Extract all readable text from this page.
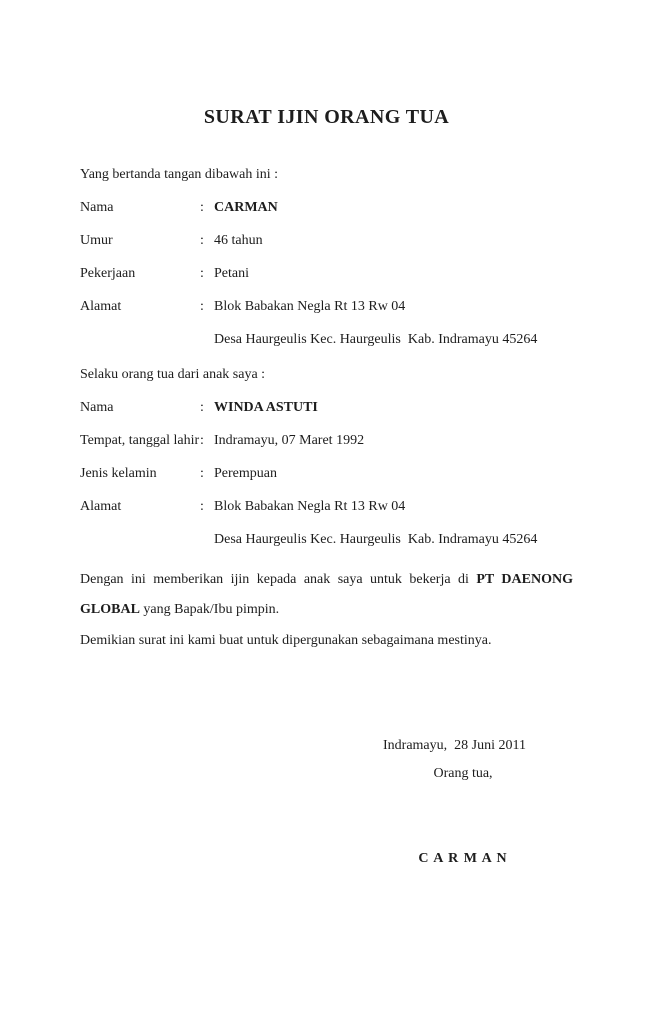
SURAT IJIN ORANG TUA
Yang bertanda tangan dibawah ini :
Nama	: CARMAN
Umur	: 46 tahun
Pekerjaan	: Petani
Alamat	: Blok Babakan Negla Rt 13 Rw 04
Desa Haurgeulis Kec. Haurgeulis  Kab. Indramayu 45264
Selaku orang tua dari anak saya :
Nama	: WINDA ASTUTI
Tempat, tanggal lahir : Indramayu, 07 Maret 1992
Jenis kelamin	: Perempuan
Alamat	: Blok Babakan Negla Rt 13 Rw 04
Desa Haurgeulis Kec. Haurgeulis  Kab. Indramayu 45264

Dengan ini memberikan ijin kepada anak saya untuk bekerja di PT DAENONG GLOBAL yang Bapak/Ibu pimpin.

Demikian surat ini kami buat untuk dipergunakan sebagaimana mestinya.

Indramayu,  28 Juni 2011
Orang tua,
C A R M A N
